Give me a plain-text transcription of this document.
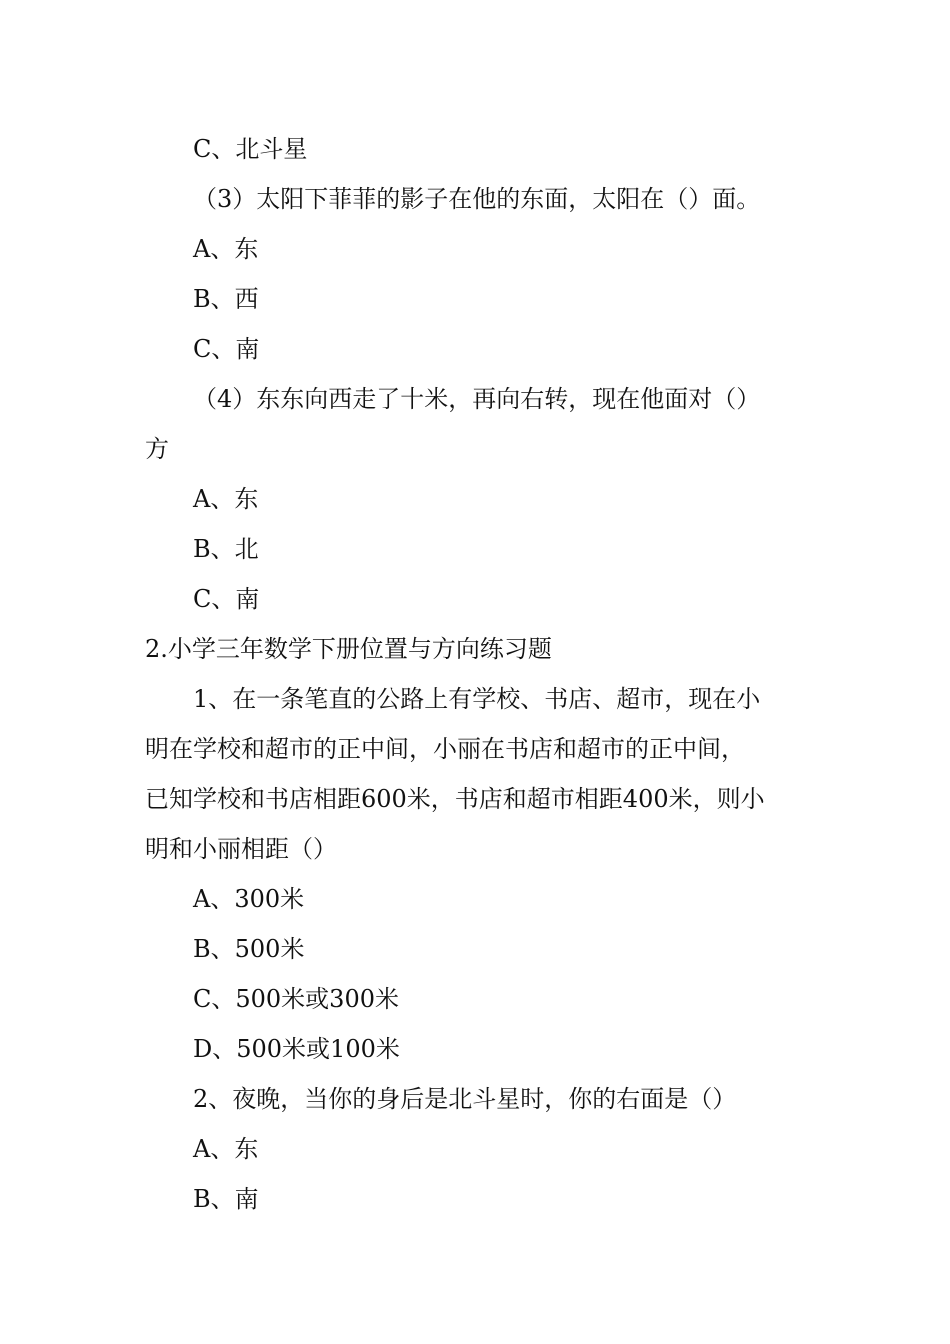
C、北斗星
（3）太阳下菲菲的影子在他的东面，太阳在（）面。
A、东
B、西
C、南
（4）东东向西走了十米，再向右转，现在他面对（）
方
A、东
B、北
C、南
2.小学三年数学下册位置与方向练习题
1、在一条笔直的公路上有学校、书店、超市，现在小
明在学校和超市的正中间，小丽在书店和超市的正中间，
已知学校和书店相距600米，书店和超市相距400米，则小
明和小丽相距（）
A、300米
B、500米
C、500米或300米
D、500米或100米
2、夜晚，当你的身后是北斗星时，你的右面是（）
A、东
B、南
